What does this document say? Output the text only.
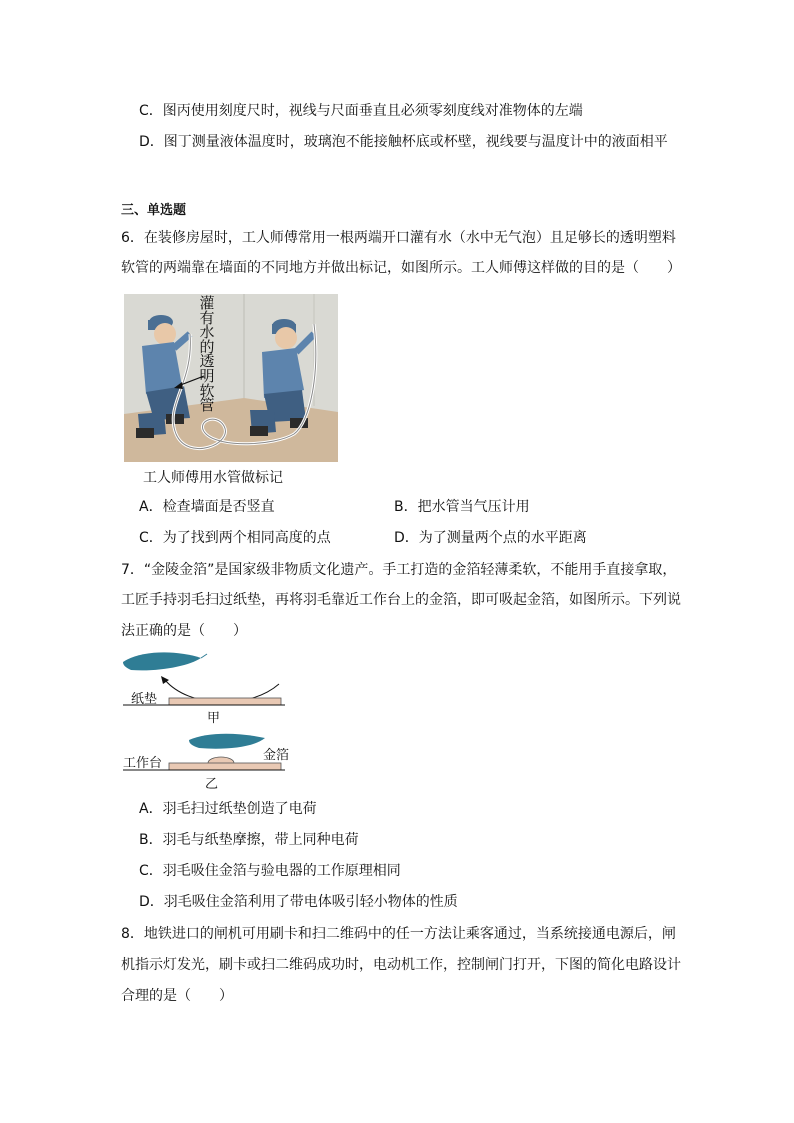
C．图丙使用刻度尺时，视线与尺面垂直且必须零刻度线对准物体的左端
D．图丁测量液体温度时，玻璃泡不能接触杯底或杯壁，视线要与温度计中的液面相平
三、单选题
6．在装修房屋时，工人师傅常用一根两端开口灌有水（水中无气泡）且足够长的透明塑料
软管的两端靠在墙面的不同地方并做出标记，如图所示。工人师傅这样做的目的是（　　）
灌
有
水
的
透
明
软
管
工人师傅用水管做标记
A．检查墙面是否竖直	B．把水管当气压计用
C．为了找到两个相同高度的点	D．为了测量两个点的水平距离
7．“金陵金箔”是国家级非物质文化遗产。手工打造的金箔轻薄柔软，不能用手直接拿取，
工匠手持羽毛扫过纸垫，再将羽毛靠近工作台上的金箔，即可吸起金箔，如图所示。下列说
法正确的是（　　）
纸垫
甲
工作台
金箔
乙
A．羽毛扫过纸垫创造了电荷
B．羽毛与纸垫摩擦，带上同种电荷
C．羽毛吸住金箔与验电器的工作原理相同
D．羽毛吸住金箔利用了带电体吸引轻小物体的性质
8．地铁进口的闸机可用刷卡和扫二维码中的任一方法让乘客通过，当系统接通电源后，闸
机指示灯发光，刷卡或扫二维码成功时，电动机工作，控制闸门打开，下图的简化电路设计
合理的是（　　）
